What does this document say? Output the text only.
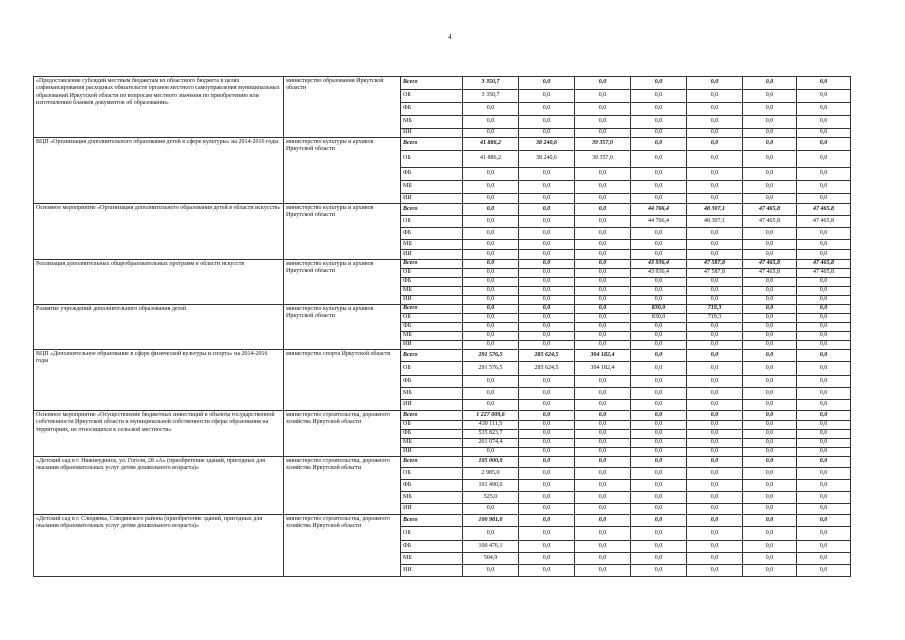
4
«Предоставление субсидий местным бюджетам из областного бюджета в целях софинансирования расходных обязательств органов местного самоуправления муниципальных образований Иркутской области по вопросам местного значения по приобретению или изготовлению бланков документов об образовании»	министерство образования Иркутской области	Всего	3 350,7	0,0	0,0	0,0	0,0	0,0	0,0	
		ОБ	3 350,7	0,0	0,0	0,0	0,0	0,0	0,0	
		ФБ	0,0	0,0	0,0	0,0	0,0	0,0	0,0	
		МБ	0,0	0,0	0,0	0,0	0,0	0,0	0,0	
		ИИ	0,0	0,0	0,0	0,0	0,0	0,0	0,0	
ВЦП «Организация дополнительного образования детей в сфере культуры» на 2014-2016 годы	министерство культуры и архивов Иркутской области	Всего	41 886,2	38 240,6	39 357,0	0,0	0,0	0,0	0,0	
		ОБ	41 886,2	38 240,6	39 357,0	0,0	0,0	0,0	0,0	
		ФБ	0,0	0,0	0,0	0,0	0,0	0,0	0,0	
		МБ	0,0	0,0	0,0	0,0	0,0	0,0	0,0	
		ИИ	0,0	0,0	0,0	0,0	0,0	0,0	0,0	
Основное мероприятие «Организация дополнительного образования детей в области искусств»	министерство культуры и архивов Иркутской области	Всего	0,0	0,0	0,0	44 766,4	48 307,1	47 465,8	47 465,8	
		ОБ	0,0	0,0	0,0	44 766,4	48 307,1	47 465,8	47 465,8	
		ФБ	0,0	0,0	0,0	0,0	0,0	0,0	0,0	
		МБ	0,0	0,0	0,0	0,0	0,0	0,0	0,0	
		ИИ	0,0	0,0	0,0	0,0	0,0	0,0	0,0	
Реализация дополнительных общеобразовательных программ в области искусств	министерство культуры и архивов Иркутской области	Всего	0,0	0,0	0,0	43 936,4	47 587,8	47 465,8	47 465,8	
		ОБ	0,0	0,0	0,0	43 936,4	47 587,8	47 465,8	47 465,8	
		ФБ	0,0	0,0	0,0	0,0	0,0	0,0	0,0	
		МБ	0,0	0,0	0,0	0,0	0,0	0,0	0,0	
		ИИ	0,0	0,0	0,0	0,0	0,0	0,0	0,0	
Развитие учреждений дополнительного образования детей	министерство культуры и архивов Иркутской области	Всего	0,0	0,0	0,0	830,0	719,3	0,0	0,0	
		ОБ	0,0	0,0	0,0	830,0	719,3	0,0	0,0	
		ФБ	0,0	0,0	0,0	0,0	0,0	0,0	0,0	
		МБ	0,0	0,0	0,0	0,0	0,0	0,0	0,0	
		ИИ	0,0	0,0	0,0	0,0	0,0	0,0	0,0	
ВЦП «Дополнительное образование в сфере физической культуры и спорта» на 2014-2016 годы	министерство спорта Иркутской области	Всего	291 576,5	285 624,5	304 182,4	0,0	0,0	0,0	0,0	
		ОБ	291 576,5	285 624,5	304 182,4	0,0	0,0	0,0	0,0	
		ФБ	0,0	0,0	0,0	0,0	0,0	0,0	0,0	
		МБ	0,0	0,0	0,0	0,0	0,0	0,0	0,0	
		ИИ	0,0	0,0	0,0	0,0	0,0	0,0	0,0	
Основное мероприятие «Осуществление бюджетных инвестиций в объекты государственной собственности Иркутской области и муниципальной собственности сферы образования на территориях, не относящихся к сельской местности»	министерство строительства, дорожного хозяйства Иркутской области	Всего	1 227 009,6	0,0	0,0	0,0	0,0	0,0	0,0	
		ОБ	430 111,5	0,0	0,0	0,0	0,0	0,0	0,0	
		ФБ	535 823,7	0,0	0,0	0,0	0,0	0,0	0,0	
		МБ	261 074,4	0,0	0,0	0,0	0,0	0,0	0,0	
		ИИ	0,0	0,0	0,0	0,0	0,0	0,0	0,0	
«Детский сад в г. Нижнеудинск, ул. Гоголя, 28 «А» (приобретение зданий, пригодных для оказания образовательных услуг детям дошкольного возраста)»	министерство строительства, дорожного хозяйства Иркутской области	Всего	105 000,0	0,0	0,0	0,0	0,0	0,0	0,0	
		ОБ	2 985,0	0,0	0,0	0,0	0,0	0,0	0,0	
		ФБ	101 490,0	0,0	0,0	0,0	0,0	0,0	0,0	
		МБ	525,0	0,0	0,0	0,0	0,0	0,0	0,0	
		ИИ	0,0	0,0	0,0	0,0	0,0	0,0	0,0	
«Детский сад в г. Слюдянка, Слюдянского района (приобретение зданий, пригодных для оказания образовательных услуг детям дошкольного возраста)»	министерство строительства, дорожного хозяйства Иркутской области	Всего	100 981,0	0,0	0,0	0,0	0,0	0,0	0,0	
		ОБ	0,0	0,0	0,0	0,0	0,0	0,0	0,0	
		ФБ	100 476,1	0,0	0,0	0,0	0,0	0,0	0,0	
		МБ	504,9	0,0	0,0	0,0	0,0	0,0	0,0	
		ИИ	0,0	0,0	0,0	0,0	0,0	0,0	0,0	
